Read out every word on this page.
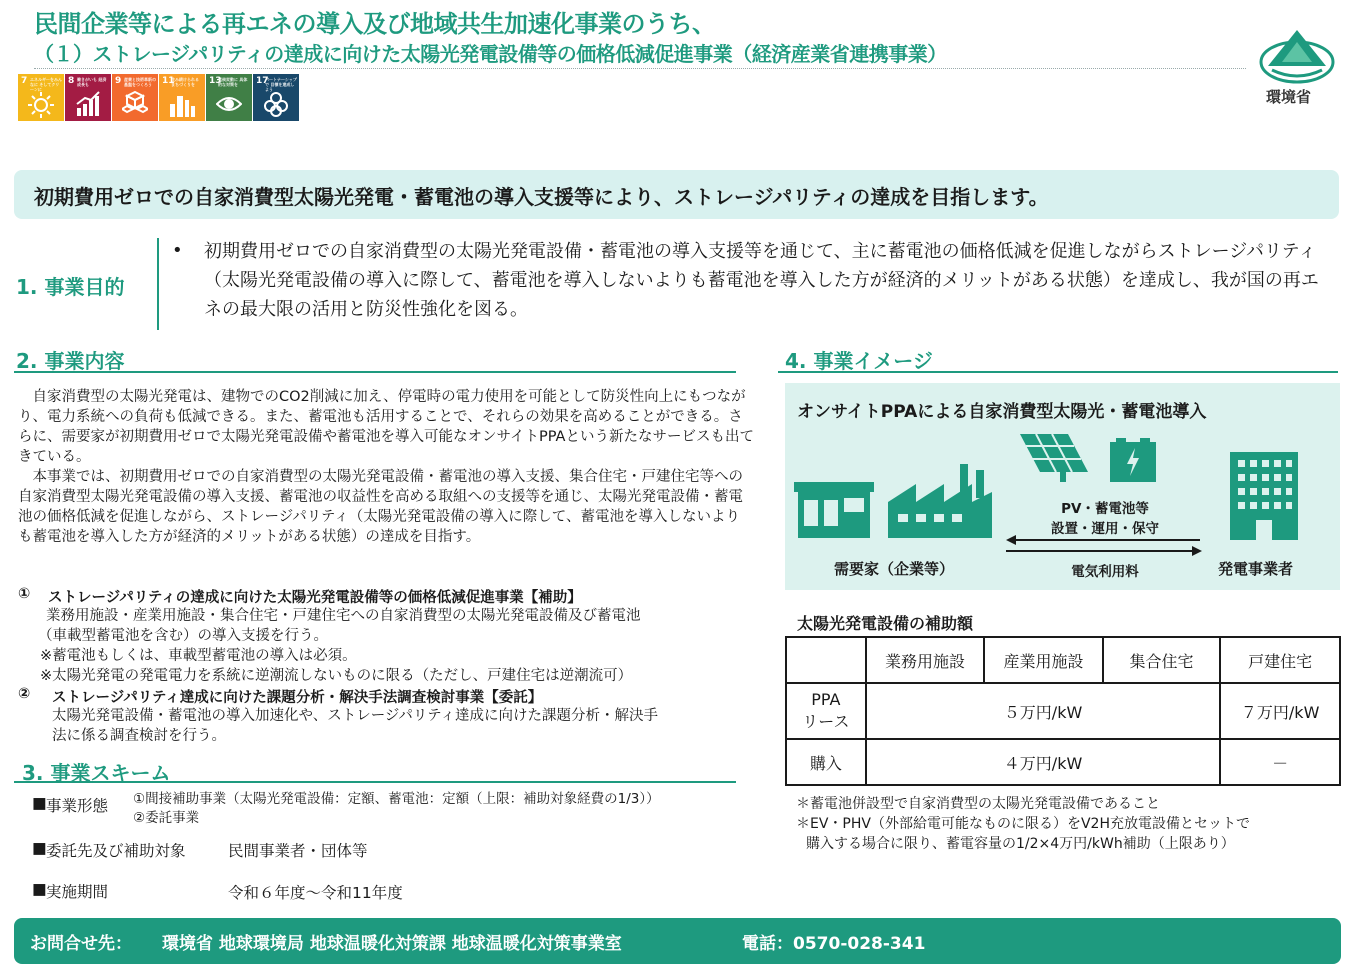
民間企業等による再エネの導入及び地域共生加速化事業のうち、
（１）ストレージパリティの達成に向けた太陽光発電設備等の価格低減促進事業（経済産業省連携事業）
7 エネルギーをみんなに そしてクリーンに
8 働きがいも 経済成長も	9 産業と技術革新の基盤をつくろう	11
住み続けられる まちづくりを	13
気候変動に 具体的な対策を	17
パートナーシップで 目標を達成しよう	環境省
初期費用ゼロでの自家消費型太陽光発電・蓄電池の導入支援等により、ストレージパリティの達成を目指します。
1. 事業目的
• 初期費用ゼロでの自家消費型の太陽光発電設備・蓄電池の導入支援等を通じて、主に蓄電池の価格低減を促進しながらストレージパリティ（太陽光発電設備の導入に際して、蓄電池を導入しないよりも蓄電池を導入した方が経済的メリットがある状態）を達成し、我が国の再エネの最大限の活用と防災性強化を図る。
2. 事業内容
自家消費型の太陽光発電は、建物でのCO2削減に加え、停電時の電力使用を可能として防災性向上にもつながり、電力系統への負荷も低減できる。また、蓄電池も活用することで、それらの効果を高めることができる。さらに、需要家が初期費用ゼロで太陽光発電設備や蓄電池を導入可能なオンサイトPPAという新たなサービスも出てきている。
本事業では、初期費用ゼロでの自家消費型の太陽光発電設備・蓄電池の導入支援、集合住宅・戸建住宅等への自家消費型太陽光発電設備の導入支援、蓄電池の収益性を高める取組への支援等を通じ、太陽光発電設備・蓄電池の価格低減を促進しながら、ストレージパリティ（太陽光発電設備の導入に際して、蓄電池を導入しないよりも蓄電池を導入した方が経済的メリットがある状態）の達成を目指す。
① ストレージパリティの達成に向けた太陽光発電設備等の価格低減促進事業【補助】
業務用施設・産業用施設・集合住宅・戸建住宅への自家消費型の太陽光発電設備及び蓄電池
（車載型蓄電池を含む）の導入支援を行う。
※蓄電池もしくは、車載型蓄電池の導入は必須。
※太陽光発電の発電電力を系統に逆潮流しないものに限る（ただし、戸建住宅は逆潮流可）
② ストレージパリティ達成に向けた課題分析・解決手法調査検討事業【委託】
太陽光発電設備・蓄電池の導入加速化や、ストレージパリティ達成に向けた課題分析・解決手
法に係る調査検討を行う。
3. 事業スキーム
■ 事業形態 ①間接補助事業（太陽光発電設備：定額、蓄電池：定額（上限：補助対象経費の1/3））
②委託事業
■ 委託先及び補助対象	民間事業者・団体等
■ 実施期間	令和６年度〜令和11年度
4. 事業イメージ
オンサイトPPAによる自家消費型太陽光・蓄電池導入
PV・蓄電池等
設置・運用・保守
電気利用料
需要家（企業等）	発電事業者
太陽光発電設備の補助額
	業務用施設	産業用施設	集合住宅	戸建住宅
PPA
リース	５万円/kW			７万円/kW
購入	４万円/kW			－
＊蓄電池併設型で自家消費型の太陽光発電設備であること
＊EV・PHV（外部給電可能なものに限る）をV2H充放電設備とセットで
購入する場合に限り、蓄電容量の1/2×4万円/kWh補助（上限あり）
お問合せ先： 環境省 地球環境局 地球温暖化対策課 地球温暖化対策事業室	電話：0570-028-341
